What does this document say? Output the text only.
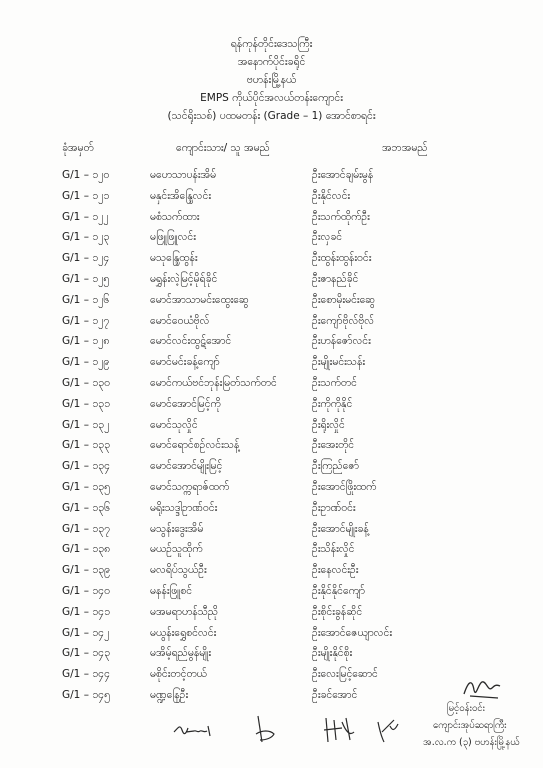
ရန်ကုန်တိုင်းဒေသကြီး
အနောက်ပိုင်းခရိုင်
ဗဟန်းမြို့နယ်
EMPS ကိုယ်ပိုင်အလယ်တန်းကျောင်း
(သင်ရိုးသစ်) ပထမတန်း (Grade – 1) အောင်စာရင်း
ခုံအမှတ်	ကျောင်းသား/ သူ အမည်	အဘအမည်
G/1 – ၁၂၀	မဟေသာပန်းအိမ်	ဦးအောင်ချမ်းမွန်
G/1 – ၁၂၁	မနှင်းအိန္ဒြေလင်း	ဦးနိုင်လင်း
G/1 – ၁၂၂	မစံသက်ထား	ဦးသက်ထိုက်ဦး
G/1 – ၁၂၃	မဖြူဖြူလင်း	ဦးလှခင်
G/1 – ၁၂၄	မသုန္ဒြေထွန်း	ဦးထွန်းထွန်းဝင်း
G/1 – ၁၂၅	မရွှန်းလဲ့မြင့်မိုရ်ခိုင်	ဦးဇာနည်ခိုင်
G/1 – ၁၂၆	မောင်အာသာမင်းထွေးဆွေ	ဦးစောမိုးမင်းဆွေ
G/1 – ၁၂၇	မောင်ဝေယံဗိုလ်	ဦးကျော်ဗိုလ်ဗိုလ်
G/1 – ၁၂၈	မောင်လင်းထွဋ်အောင်	ဦးဟန်ဇော်လင်း
G/1 – ၁၂၉	မောင်မင်းခန့်ကျော်	ဦးမျိုးမင်းသန်း
G/1 – ၁၃၀	မောင်ကယ်ဗင်ဘုန်းမြတ်သက်တင်	ဦးသက်တင်
G/1 – ၁၃၁	မောင်အောင်မြင့်ကို	ဦးကိုကိုနိုင်
G/1 – ၁၃၂	မောင်သုလှိုင်	ဦးရိုးလှိုင်
G/1 – ၁၃၃	မောင်ရောင်စဉ်လင်းသန့်	ဦးအေးတိုင်
G/1 – ၁၃၄	မောင်အောင်မျိုးမြင့်	ဦးကြည်ဇော်
G/1 – ၁၃၅	မောင်သက္ကရာဇ်ထက်	ဦးအောင်ဖြိုးထက်
G/1 – ၁၃၆	မရိုးသဒ္ဒါဥာဏ်ဝင်း	ဦးဥာဏ်ဝင်း
G/1 – ၁၃၇	မသွန်းဒွေးအိမ်	ဦးအောင်မျိုးခန့်
G/1 – ၁၃၈	မယဉ်သူထိုက်	ဦးသိန်းလှိုင်
G/1 – ၁၃၉	မလရိပ်သွယ်ဦး	ဦးနေလင်းဦး
G/1 – ၁၄၀	မနန်းဖြူစင်	ဦးနိုင်နိုင်ကျော်
G/1 – ၁၄၁	မအမရာဟန်သီညို	ဦးစိုင်းခွန်ဆိုင်
G/1 – ၁၄၂	မယွန်းရွှေစင်လင်း	ဦးအောင်ဇေယျာလင်း
G/1 – ၁၄၃	မအိမ့်ရည်မွန်မျိုး	ဦးမျိုးနိုင်စိုး
G/1 – ၁၄၄	မစိုင်းတင့်တယ်	ဦးလေးမြင့်ဆောင်
G/1 – ၁၄၅	မဏ္ဍနြေဦး	ဦးခင်အောင်
မြင့်ဝန်းဝင်း
ကျောင်းအုပ်ဆရာကြီး
အ.လ.က (၃) ဗဟန်းမြို့နယ်
